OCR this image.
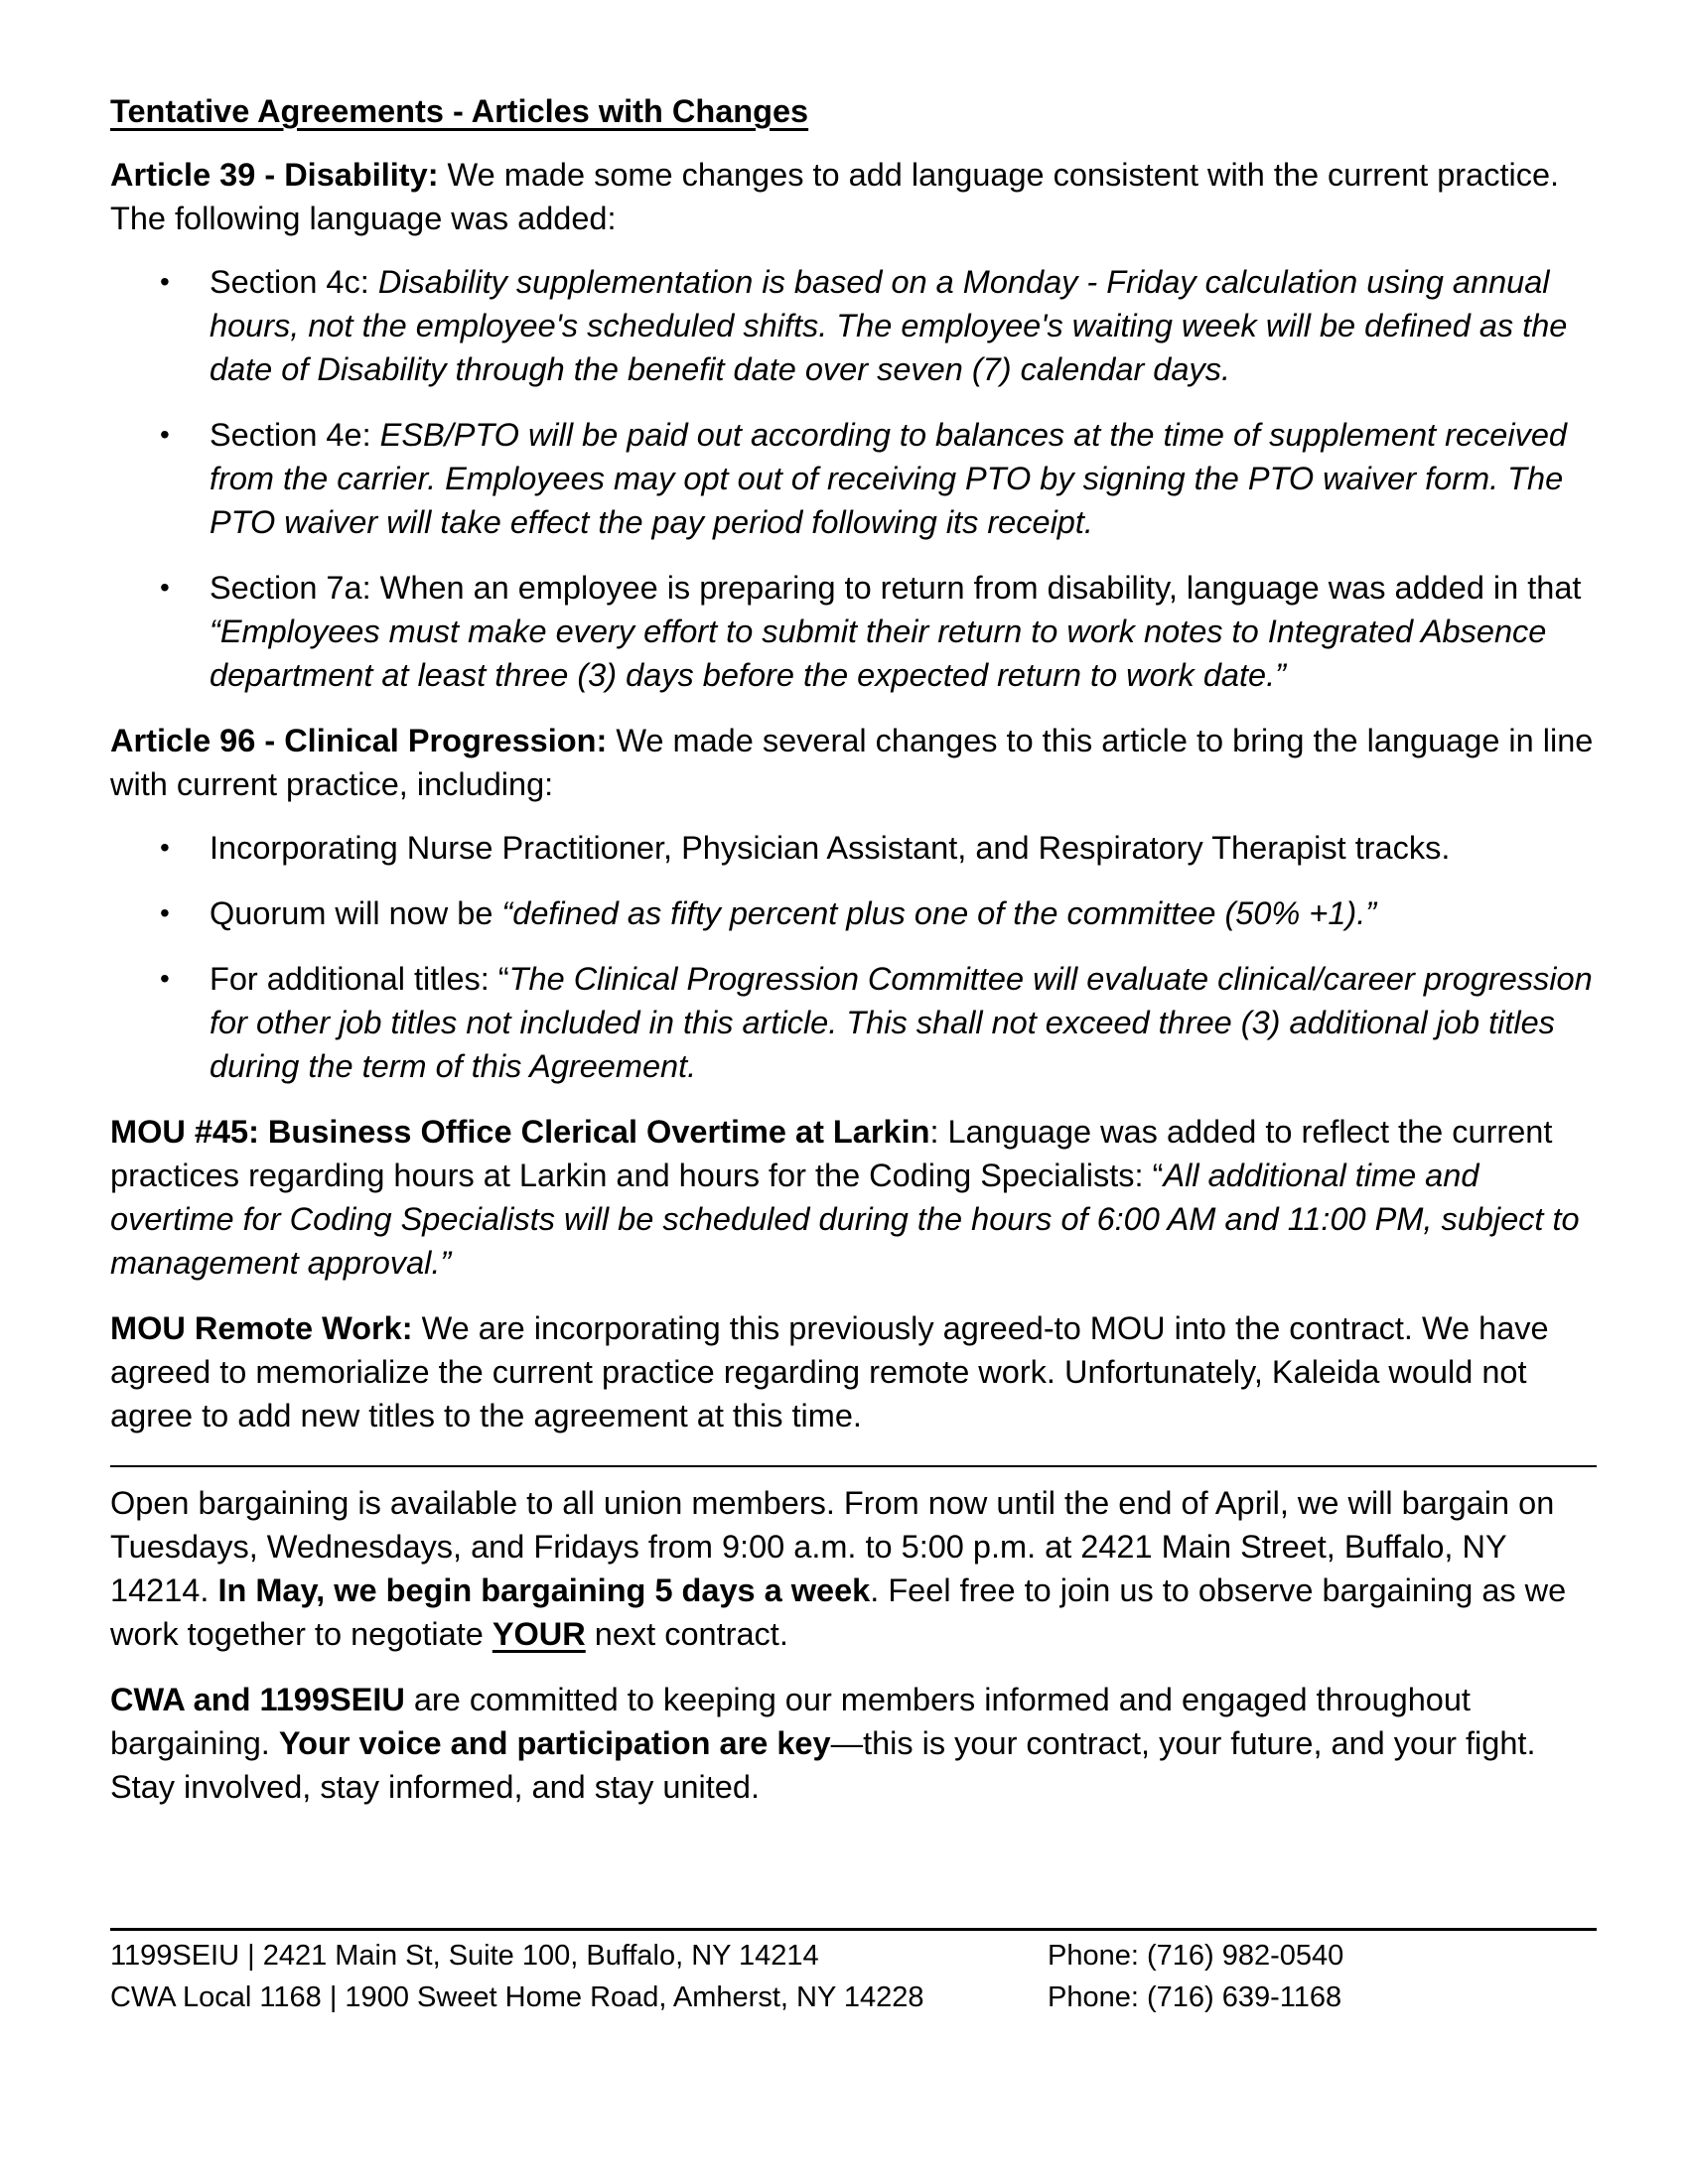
Tentative Agreements - Articles with Changes

Article 39 - Disability: We made some changes to add language consistent with the current practice. The following language was added:

• Section 4c: Disability supplementation is based on a Monday - Friday calculation using annual hours, not the employee's scheduled shifts. The employee's waiting week will be defined as the date of Disability through the benefit date over seven (7) calendar days.
• Section 4e: ESB/PTO will be paid out according to balances at the time of supplement received from the carrier. Employees may opt out of receiving PTO by signing the PTO waiver form. The PTO waiver will take effect the pay period following its receipt.
• Section 7a: When an employee is preparing to return from disability, language was added in that “Employees must make every effort to submit their return to work notes to Integrated Absence department at least three (3) days before the expected return to work date.”

Article 96 - Clinical Progression: We made several changes to this article to bring the language in line with current practice, including:

• Incorporating Nurse Practitioner, Physician Assistant, and Respiratory Therapist tracks.
• Quorum will now be “defined as fifty percent plus one of the committee (50% +1).”
• For additional titles: “The Clinical Progression Committee will evaluate clinical/career progression for other job titles not included in this article. This shall not exceed three (3) additional job titles during the term of this Agreement.

MOU #45: Business Office Clerical Overtime at Larkin: Language was added to reflect the current practices regarding hours at Larkin and hours for the Coding Specialists: “All additional time and overtime for Coding Specialists will be scheduled during the hours of 6:00 AM and 11:00 PM, subject to management approval.”

MOU Remote Work: We are incorporating this previously agreed-to MOU into the contract. We have agreed to memorialize the current practice regarding remote work. Unfortunately, Kaleida would not agree to add new titles to the agreement at this time.

Open bargaining is available to all union members. From now until the end of April, we will bargain on Tuesdays, Wednesdays, and Fridays from 9:00 a.m. to 5:00 p.m. at 2421 Main Street, Buffalo, NY 14214. In May, we begin bargaining 5 days a week. Feel free to join us to observe bargaining as we work together to negotiate YOUR next contract.

CWA and 1199SEIU are committed to keeping our members informed and engaged throughout bargaining. Your voice and participation are key—this is your contract, your future, and your fight. Stay involved, stay informed, and stay united.

1199SEIU | 2421 Main St, Suite 100, Buffalo, NY 14214	Phone: (716) 982-0540
CWA Local 1168 | 1900 Sweet Home Road, Amherst, NY 14228	Phone: (716) 639-1168
